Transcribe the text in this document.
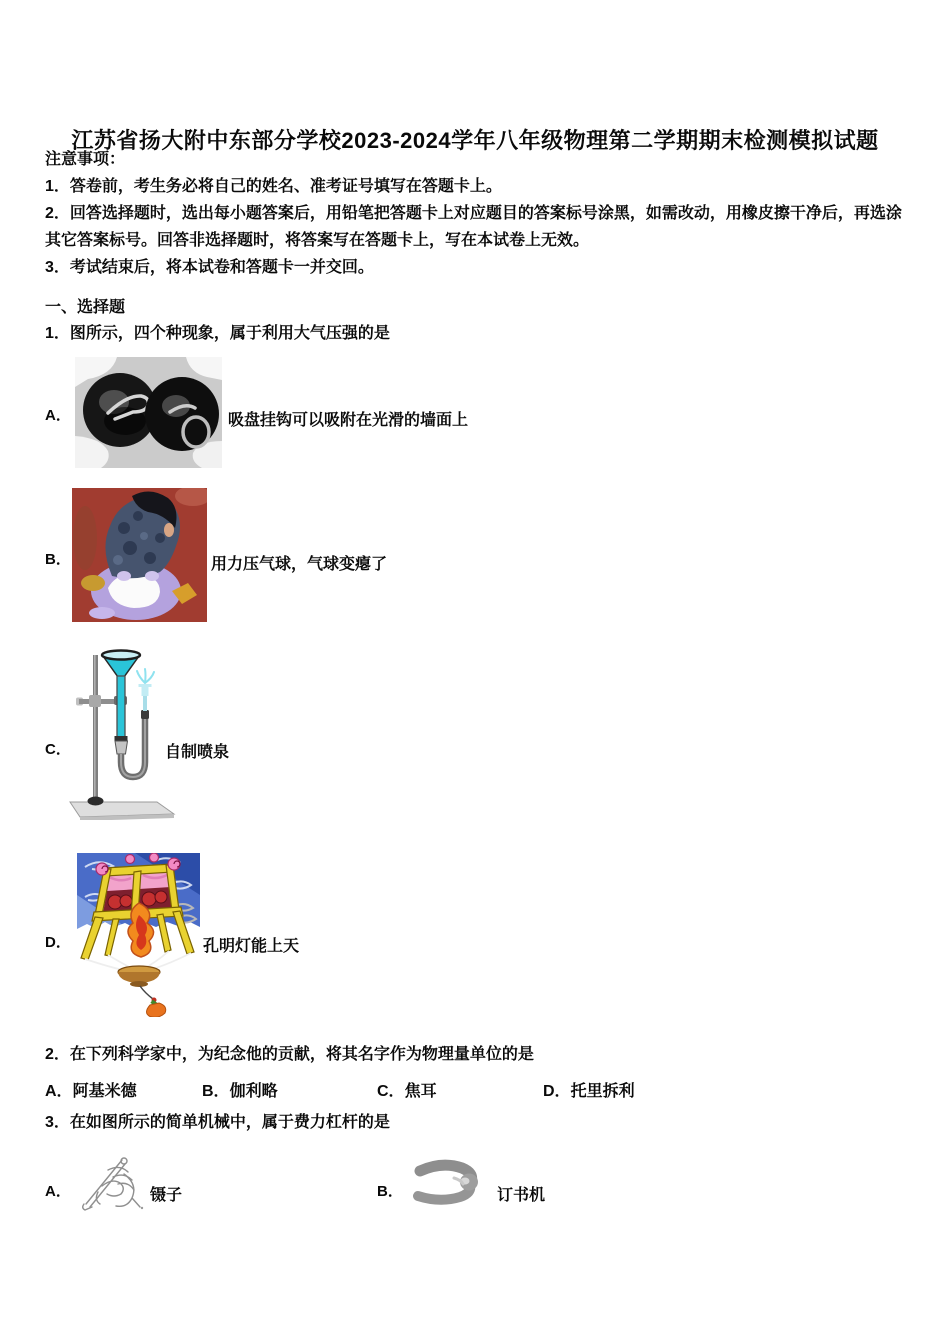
江苏省扬大附中东部分学校2023-2024学年八年级物理第二学期期末检测模拟试题
注意事项：
1．答卷前，考生务必将自己的姓名、准考证号填写在答题卡上。
2．回答选择题时，选出每小题答案后，用铅笔把答题卡上对应题目的答案标号涂黑，如需改动，用橡皮擦干净后，再选涂其它答案标号。回答非选择题时，将答案写在答题卡上，写在本试卷上无效。
3．考试结束后，将本试卷和答题卡一并交回。
一、选择题
1．图所示，四个种现象，属于利用大气压强的是
A．	吸盘挂钩可以吸附在光滑的墙面上
B．	用力压气球，气球变瘪了
C．	自制喷泉
D．	孔明灯能上天
2．在下列科学家中，为纪念他的贡献，将其名字作为物理量单位的是
A．阿基米德	B．伽利略	C．焦耳	D．托里拆利
3．在如图所示的简单机械中，属于费力杠杆的是
A．	镊子	B．	订书机
